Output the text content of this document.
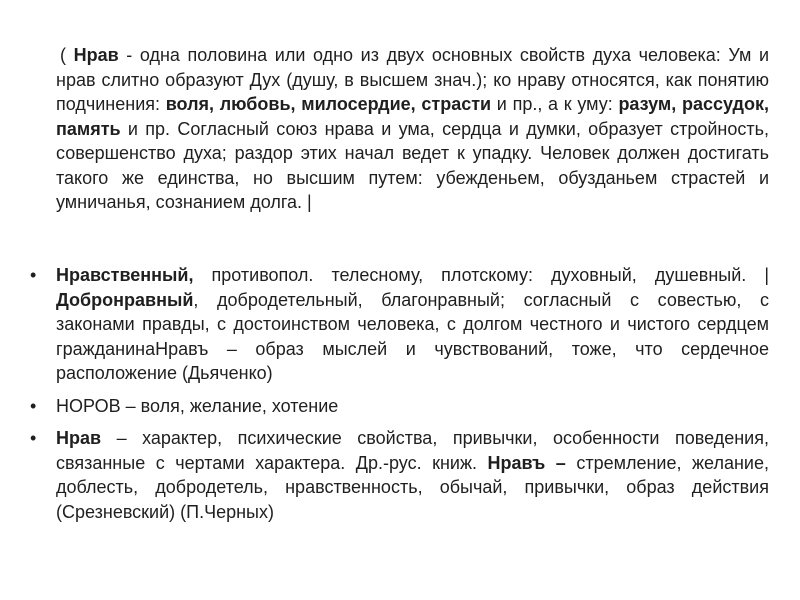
( Нрав - одна половина или одно из двух основных свойств духа человека: Ум и нрав слитно образуют Дух (душу, в высшем знач.); ко нраву относятся, как понятию подчинения: воля, любовь, милосердие, страсти и пр., а к уму: разум, рассудок, память и пр. Согласный союз нрава и ума, сердца и думки, образует стройность, совершенство духа; раздор этих начал ведет к упадку. Человек должен достигать такого же единства, но высшим путем: убежденьем, обузданьем страстей и умничанья, сознанием долга. |

• Нравственный, противопол. телесному, плотскому: духовный, душевный. | Добронравный, добродетельный, благонравный; согласный с совестью, с законами правды, с достоинством человека, с долгом честного и чистого сердцем гражданинаНравъ – образ мыслей и чувствований, тоже, что сердечное расположение (Дьяченко)
• НОРОВ – воля, желание, хотение
• Нрав – характер, психические свойства, привычки, особенности поведения, связанные с чертами характера. Др.-рус. книж. Нравъ – стремление, желание, доблесть, добродетель, нравственность, обычай, привычки, образ действия (Срезневский) (П.Черных)
